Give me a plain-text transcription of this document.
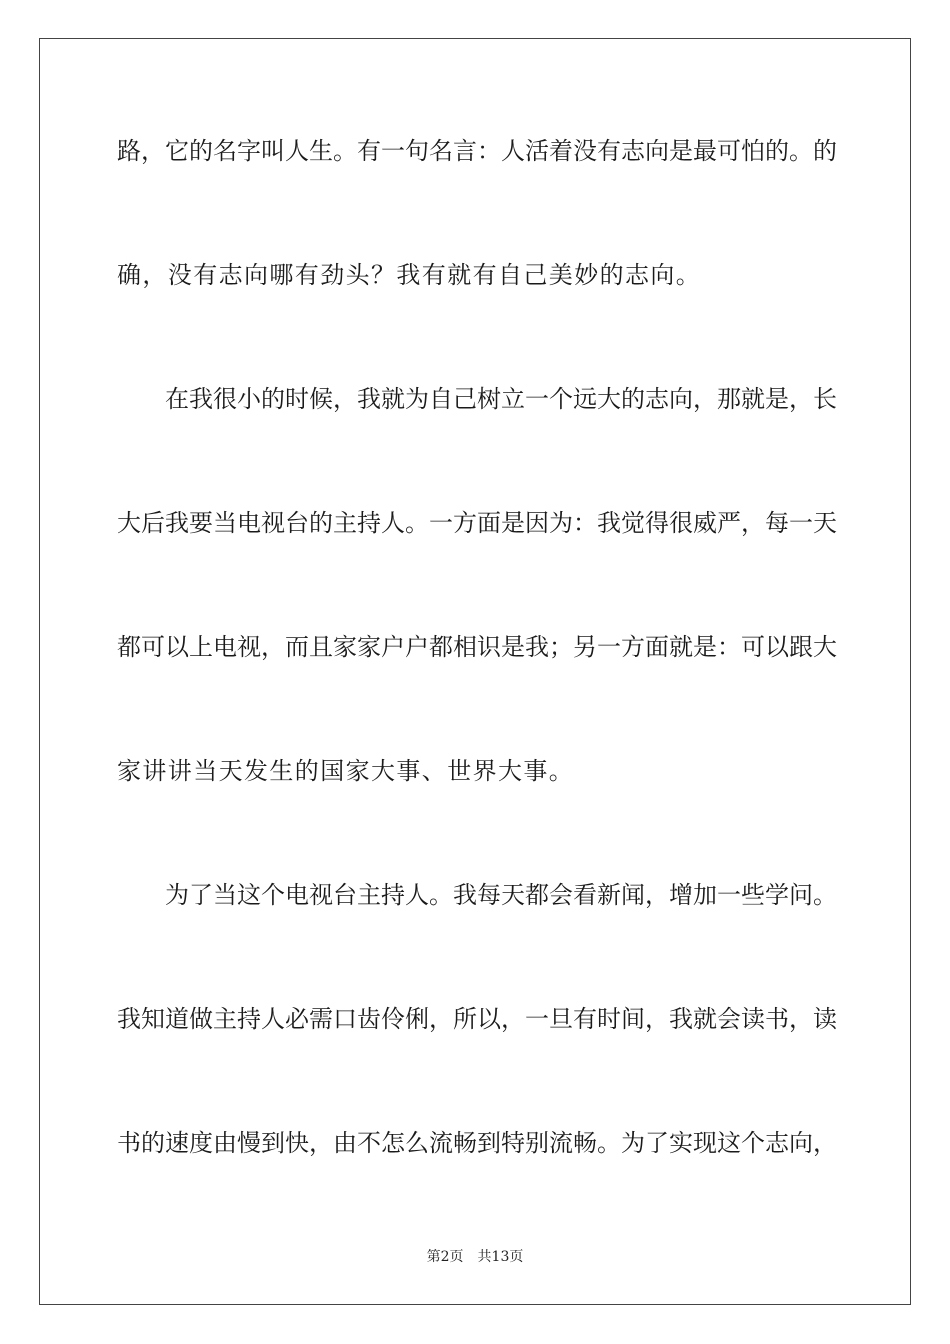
路，它的名字叫人生。有一句名言：人活着没有志向是最可怕的。的
确，没有志向哪有劲头？我有就有自己美妙的志向。
在我很小的时候，我就为自己树立一个远大的志向，那就是，长
大后我要当电视台的主持人。一方面是因为：我觉得很威严，每一天
都可以上电视，而且家家户户都相识是我；另一方面就是：可以跟大
家讲讲当天发生的国家大事、世界大事。
为了当这个电视台主持人。我每天都会看新闻，增加一些学问。
我知道做主持人必需口齿伶俐，所以，一旦有时间，我就会读书，读
书的速度由慢到快，由不怎么流畅到特别流畅。为了实现这个志向，
第2页 共13页
